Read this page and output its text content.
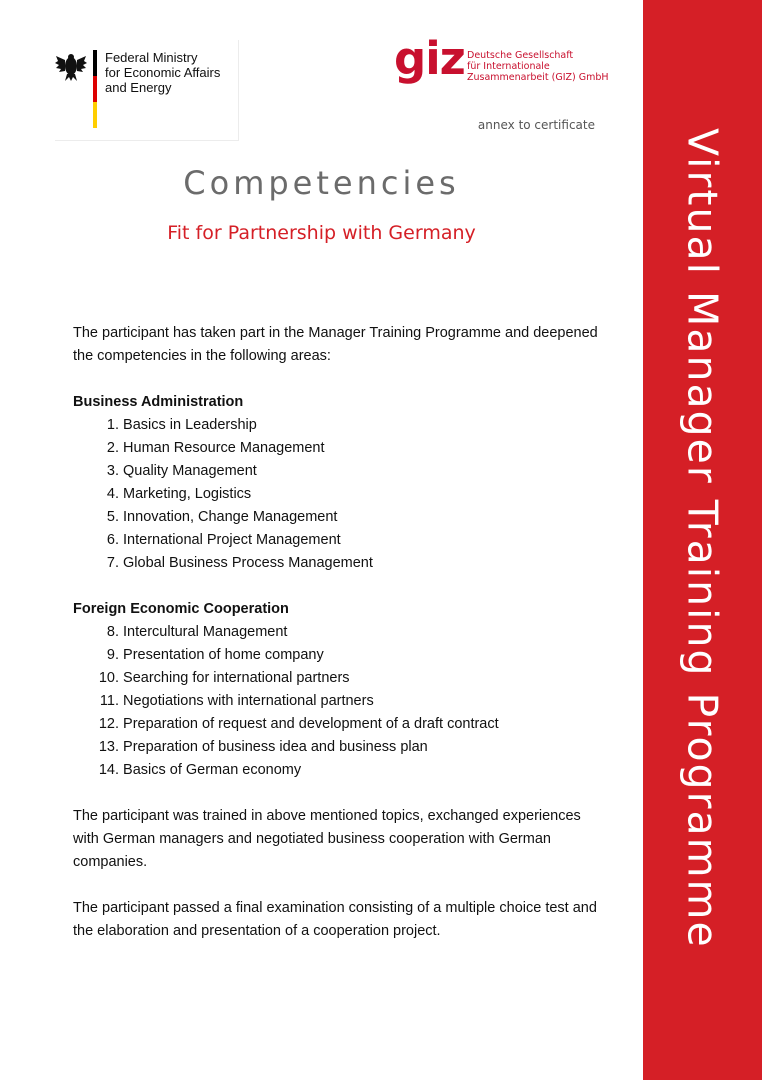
Virtual Manager Training Programme
Federal Ministry
for Economic Affairs
and Energy
giz Deutsche Gesellschaft
für Internationale
Zusammenarbeit (GIZ) GmbH
annex to certificate
Competencies
Fit for Partnership with Germany

The participant has taken part in the Manager Training Programme and deepened the competencies in the following areas:

Business Administration

1.
Basics in Leadership
2.
Human Resource Management
3.
Quality Management
4.
Marketing, Logistics
5.
Innovation, Change Management
6.
International Project Management
7.
Global Business Process Management

Foreign Economic Cooperation

8.
Intercultural Management
9.
Presentation of home company
10.
Searching for international partners
11.
Negotiations with international partners
12.
Preparation of request and development of a draft contract
13.
Preparation of business idea and business plan
14.
Basics of German economy

The participant was trained in above mentioned topics, exchanged experiences with German managers and negotiated business cooperation with German companies.

The participant passed a final examination consisting of a multiple choice test and the elaboration and presentation of a cooperation project.
